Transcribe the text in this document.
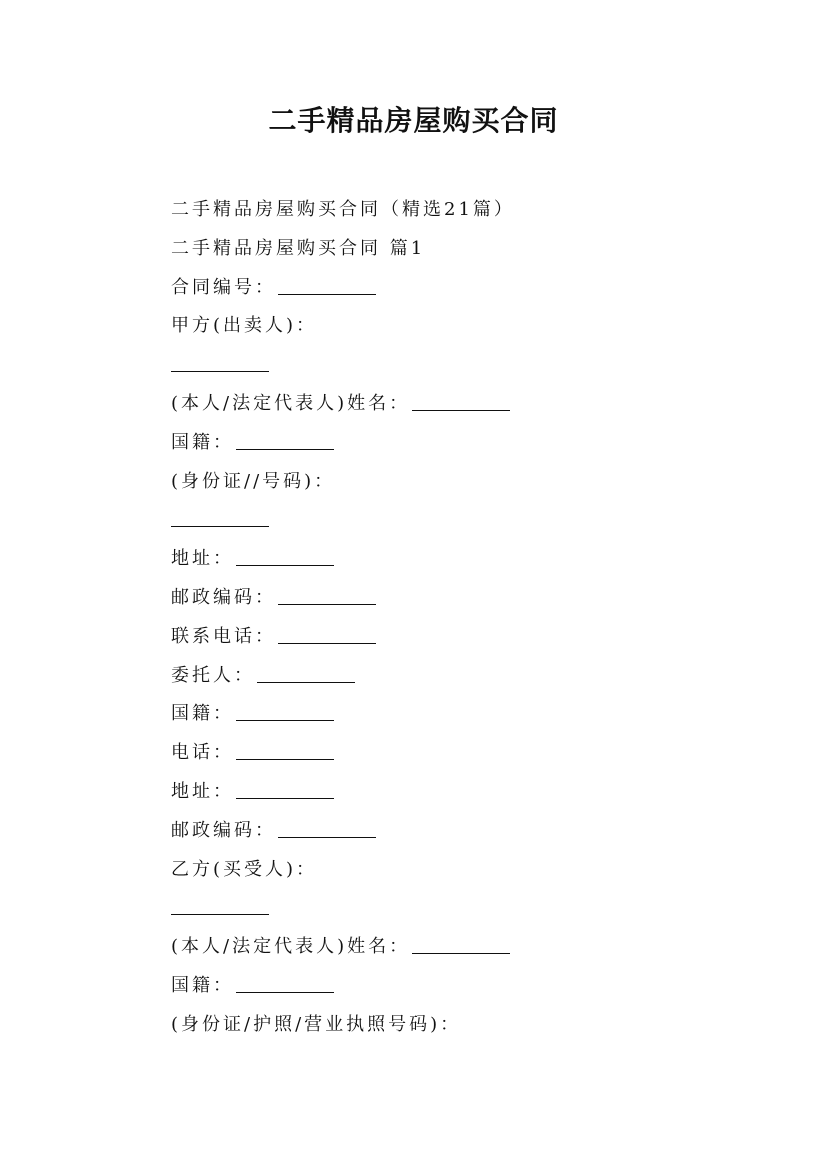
二手精品房屋购买合同
二手精品房屋购买合同（精选21篇）
二手精品房屋购买合同 篇1
合同编号：
甲方(出卖人)：
(本人/法定代表人)姓名：
国籍：
(身份证//号码)：
地址：
邮政编码：
联系电话：
委托人：
国籍：
电话：
地址：
邮政编码：
乙方(买受人)：
(本人/法定代表人)姓名：
国籍：
(身份证/护照/营业执照号码)：
